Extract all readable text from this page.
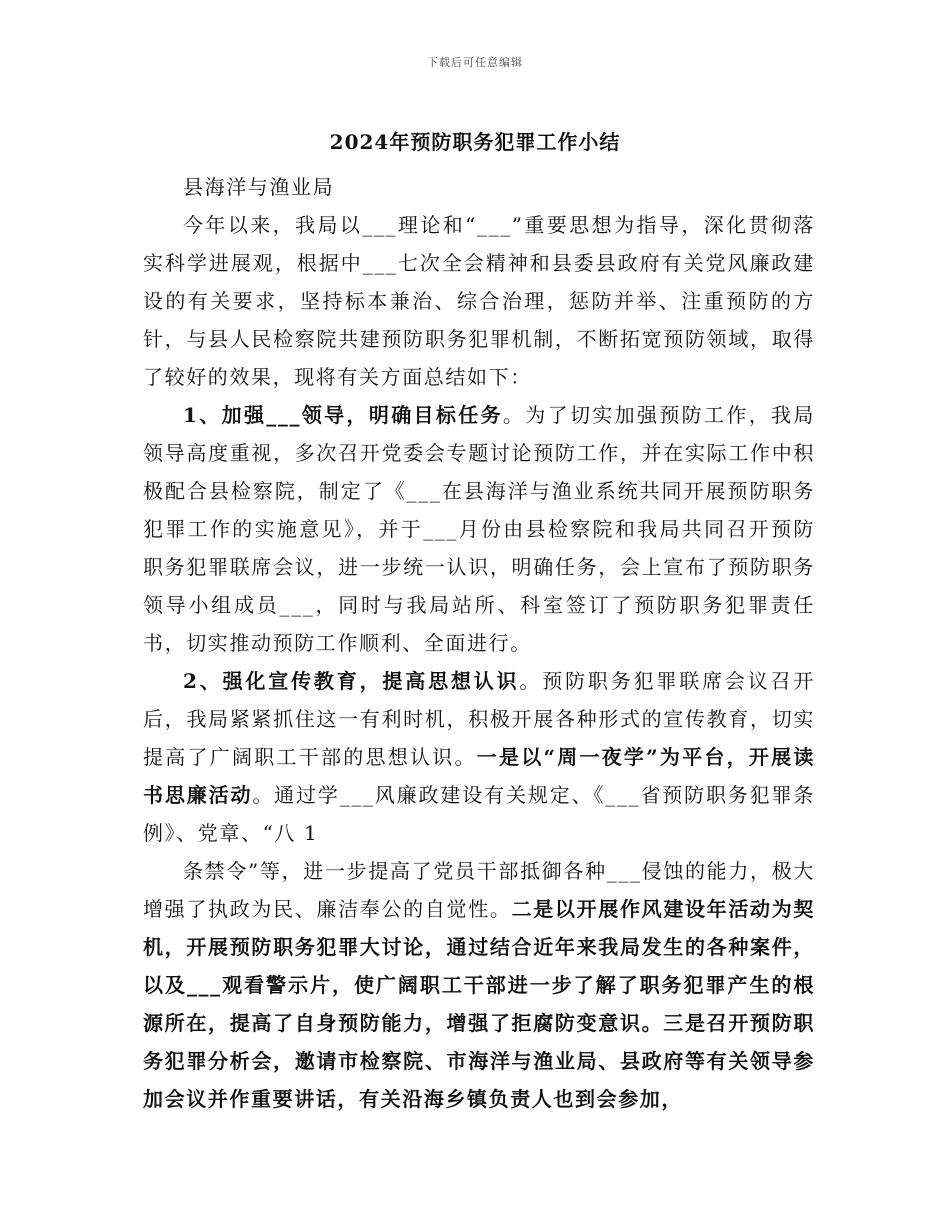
下载后可任意编辑
2024年预防职务犯罪工作小结

县海洋与渔业局

今年以来，我局以___理论和“___”重要思想为指导，深化贯彻落实科学进展观，根据中___七次全会精神和县委县政府有关党风廉政建设的有关要求，坚持标本兼治、综合治理，惩防并举、注重预防的方针，与县人民检察院共建预防职务犯罪机制，不断拓宽预防领域，取得了较好的效果，现将有关方面总结如下：

1、加强___领导，明确目标任务。为了切实加强预防工作，我局领导高度重视，多次召开党委会专题讨论预防工作，并在实际工作中积极配合县检察院，制定了《___在县海洋与渔业系统共同开展预防职务犯罪工作的实施意见》，并于___月份由县检察院和我局共同召开预防职务犯罪联席会议，进一步统一认识，明确任务，会上宣布了预防职务领导小组成员___，同时与我局站所、科室签订了预防职务犯罪责任书，切实推动预防工作顺利、全面进行。

2、强化宣传教育，提高思想认识。预防职务犯罪联席会议召开后，我局紧紧抓住这一有利时机，积极开展各种形式的宣传教育，切实提高了广阔职工干部的思想认识。一是以“周一夜学”为平台，开展读书思廉活动。通过学___风廉政建设有关规定、《___省预防职务犯罪条例》、党章、“八 1

条禁令”等，进一步提高了党员干部抵御各种___侵蚀的能力，极大增强了执政为民、廉洁奉公的自觉性。二是以开展作风建设年活动为契机，开展预防职务犯罪大讨论，通过结合近年来我局发生的各种案件，以及___观看警示片，使广阔职工干部进一步了解了职务犯罪产生的根源所在，提高了自身预防能力，增强了拒腐防变意识。三是召开预防职务犯罪分析会，邀请市检察院、市海洋与渔业局、县政府等有关领导参加会议并作重要讲话，有关沿海乡镇负责人也到会参加，
